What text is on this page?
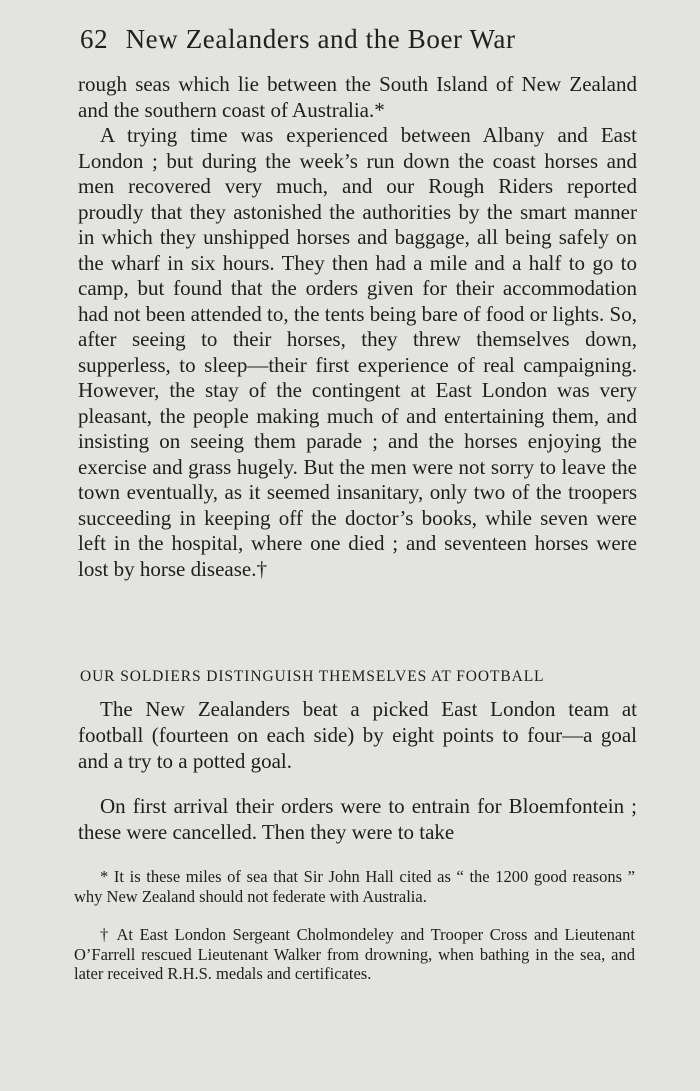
62 New Zealanders and the Boer War

rough seas which lie between the South Island of New Zealand and the southern coast of Australia.*
A trying time was experienced between Albany and East London ; but during the week’s run down the coast horses and men recovered very much, and our Rough Riders reported proudly that they astonished the authorities by the smart manner in which they unshipped horses and baggage, all being safely on the wharf in six hours. They then had a mile and a half to go to camp, but found that the orders given for their accommodation had not been attended to, the tents being bare of food or lights. So, after seeing to their horses, they threw themselves down, supperless, to sleep—their first experience of real campaigning. However, the stay of the contingent at East London was very pleasant, the people making much of and entertaining them, and insisting on seeing them parade ; and the horses enjoying the exercise and grass hugely. But the men were not sorry to leave the town eventually, as it seemed insanitary, only two of the troopers succeeding in keeping off the doctor’s books, while seven were left in the hospital, where one died ; and seventeen horses were lost by horse disease.†

OUR SOLDIERS DISTINGUISH THEMSELVES AT FOOTBALL

The New Zealanders beat a picked East London team at football (fourteen on each side) by eight points to four—a goal and a try to a potted goal.

On first arrival their orders were to entrain for Bloemfontein ; these were cancelled. Then they were to take

* It is these miles of sea that Sir John Hall cited as “ the 1200 good reasons ” why New Zealand should not federate with Australia.

† At East London Sergeant Cholmondeley and Trooper Cross and Lieutenant O’Farrell rescued Lieutenant Walker from drowning, when bathing in the sea, and later received R.H.S. medals and certificates.
